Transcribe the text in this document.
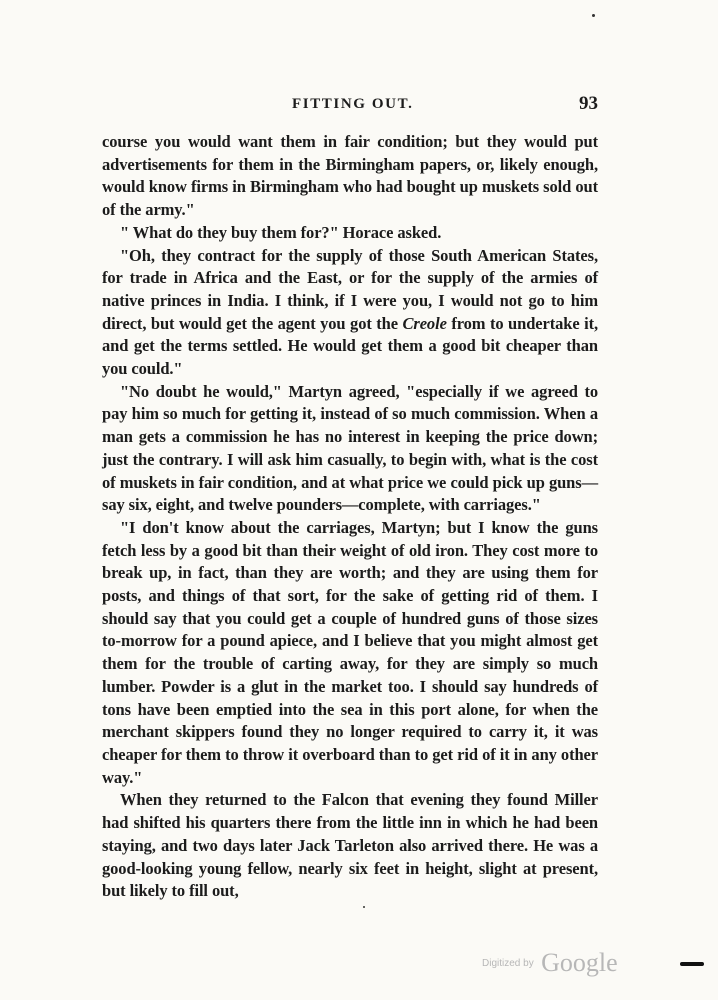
FITTING OUT.	93

course you would want them in fair condition; but they would put advertisements for them in the Birmingham papers, or, likely enough, would know firms in Birmingham who had bought up muskets sold out of the army."

" What do they buy them for?" Horace asked.

"Oh, they contract for the supply of those South American States, for trade in Africa and the East, or for the supply of the armies of native princes in India. I think, if I were you, I would not go to him direct, but would get the agent you got the Creole from to undertake it, and get the terms settled. He would get them a good bit cheaper than you could."

"No doubt he would," Martyn agreed, "especially if we agreed to pay him so much for getting it, instead of so much commission. When a man gets a commission he has no interest in keeping the price down; just the contrary. I will ask him casually, to begin with, what is the cost of muskets in fair condition, and at what price we could pick up guns—say six, eight, and twelve pounders—complete, with carriages."

"I don't know about the carriages, Martyn; but I know the guns fetch less by a good bit than their weight of old iron. They cost more to break up, in fact, than they are worth; and they are using them for posts, and things of that sort, for the sake of getting rid of them. I should say that you could get a couple of hundred guns of those sizes to-morrow for a pound apiece, and I believe that you might almost get them for the trouble of carting away, for they are simply so much lumber. Powder is a glut in the market too. I should say hundreds of tons have been emptied into the sea in this port alone, for when the merchant skippers found they no longer required to carry it, it was cheaper for them to throw it overboard than to get rid of it in any other way."

When they returned to the Falcon that evening they found Miller had shifted his quarters there from the little inn in which he had been staying, and two days later Jack Tarleton also arrived there. He was a good-looking young fellow, nearly six feet in height, slight at present, but likely to fill out,

Digitized by Google
